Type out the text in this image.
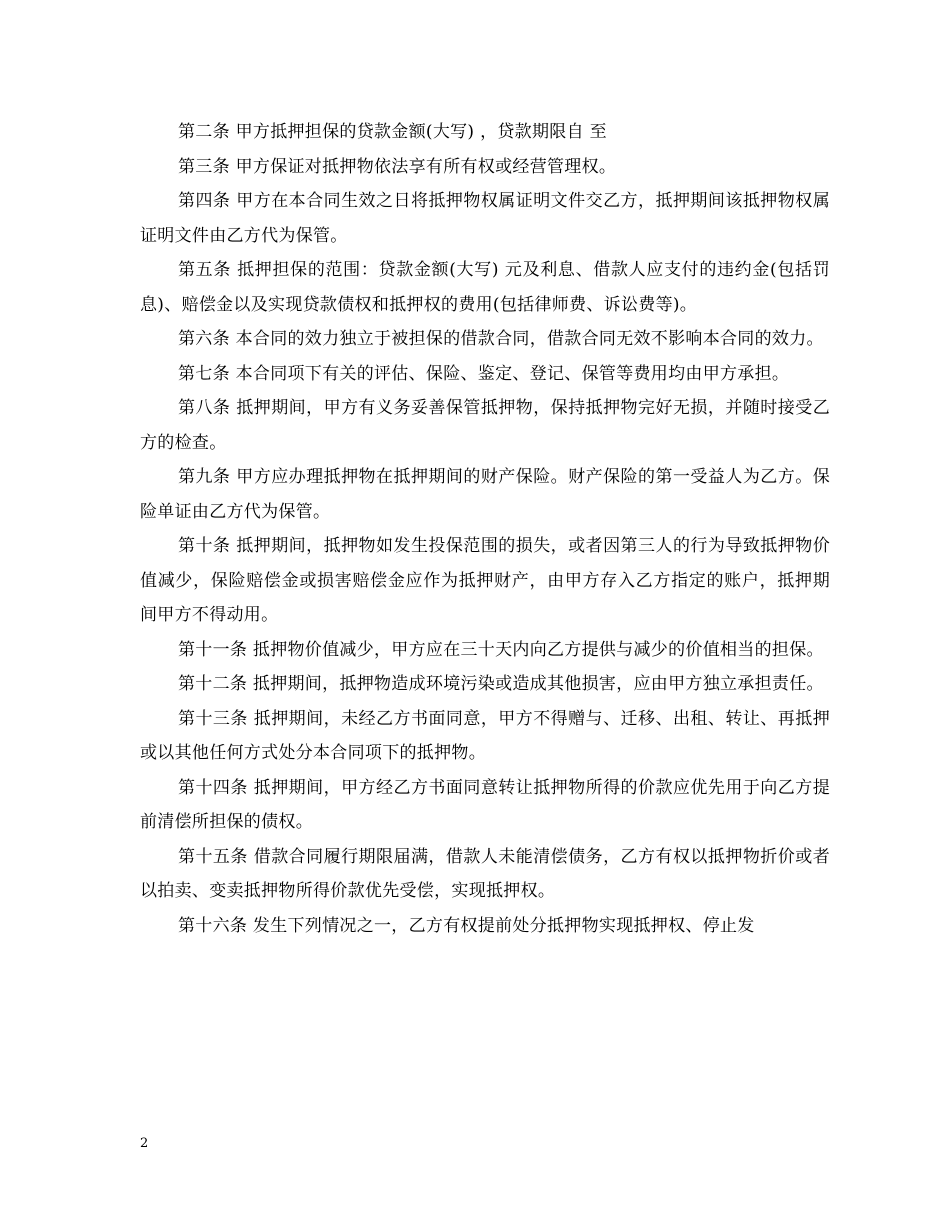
第二条 甲方抵押担保的贷款金额(大写) ，贷款期限自 至

第三条 甲方保证对抵押物依法享有所有权或经营管理权。

第四条 甲方在本合同生效之日将抵押物权属证明文件交乙方，抵押期间该抵押物权属证明文件由乙方代为保管。

第五条 抵押担保的范围：贷款金额(大写) 元及利息、借款人应支付的违约金(包括罚息)、赔偿金以及实现贷款债权和抵押权的费用(包括律师费、诉讼费等)。

第六条 本合同的效力独立于被担保的借款合同，借款合同无效不影响本合同的效力。

第七条 本合同项下有关的评估、保险、鉴定、登记、保管等费用均由甲方承担。

第八条 抵押期间，甲方有义务妥善保管抵押物，保持抵押物完好无损，并随时接受乙方的检查。

第九条 甲方应办理抵押物在抵押期间的财产保险。财产保险的第一受益人为乙方。保险单证由乙方代为保管。

第十条 抵押期间，抵押物如发生投保范围的损失，或者因第三人的行为导致抵押物价值减少，保险赔偿金或损害赔偿金应作为抵押财产，由甲方存入乙方指定的账户，抵押期间甲方不得动用。

第十一条 抵押物价值减少，甲方应在三十天内向乙方提供与减少的价值相当的担保。

第十二条 抵押期间，抵押物造成环境污染或造成其他损害，应由甲方独立承担责任。

第十三条 抵押期间，未经乙方书面同意，甲方不得赠与、迁移、出租、转让、再抵押或以其他任何方式处分本合同项下的抵押物。

第十四条 抵押期间，甲方经乙方书面同意转让抵押物所得的价款应优先用于向乙方提前清偿所担保的债权。

第十五条 借款合同履行期限届满，借款人未能清偿债务，乙方有权以抵押物折价或者以拍卖、变卖抵押物所得价款优先受偿，实现抵押权。

第十六条 发生下列情况之一，乙方有权提前处分抵押物实现抵押权、停止发

2
